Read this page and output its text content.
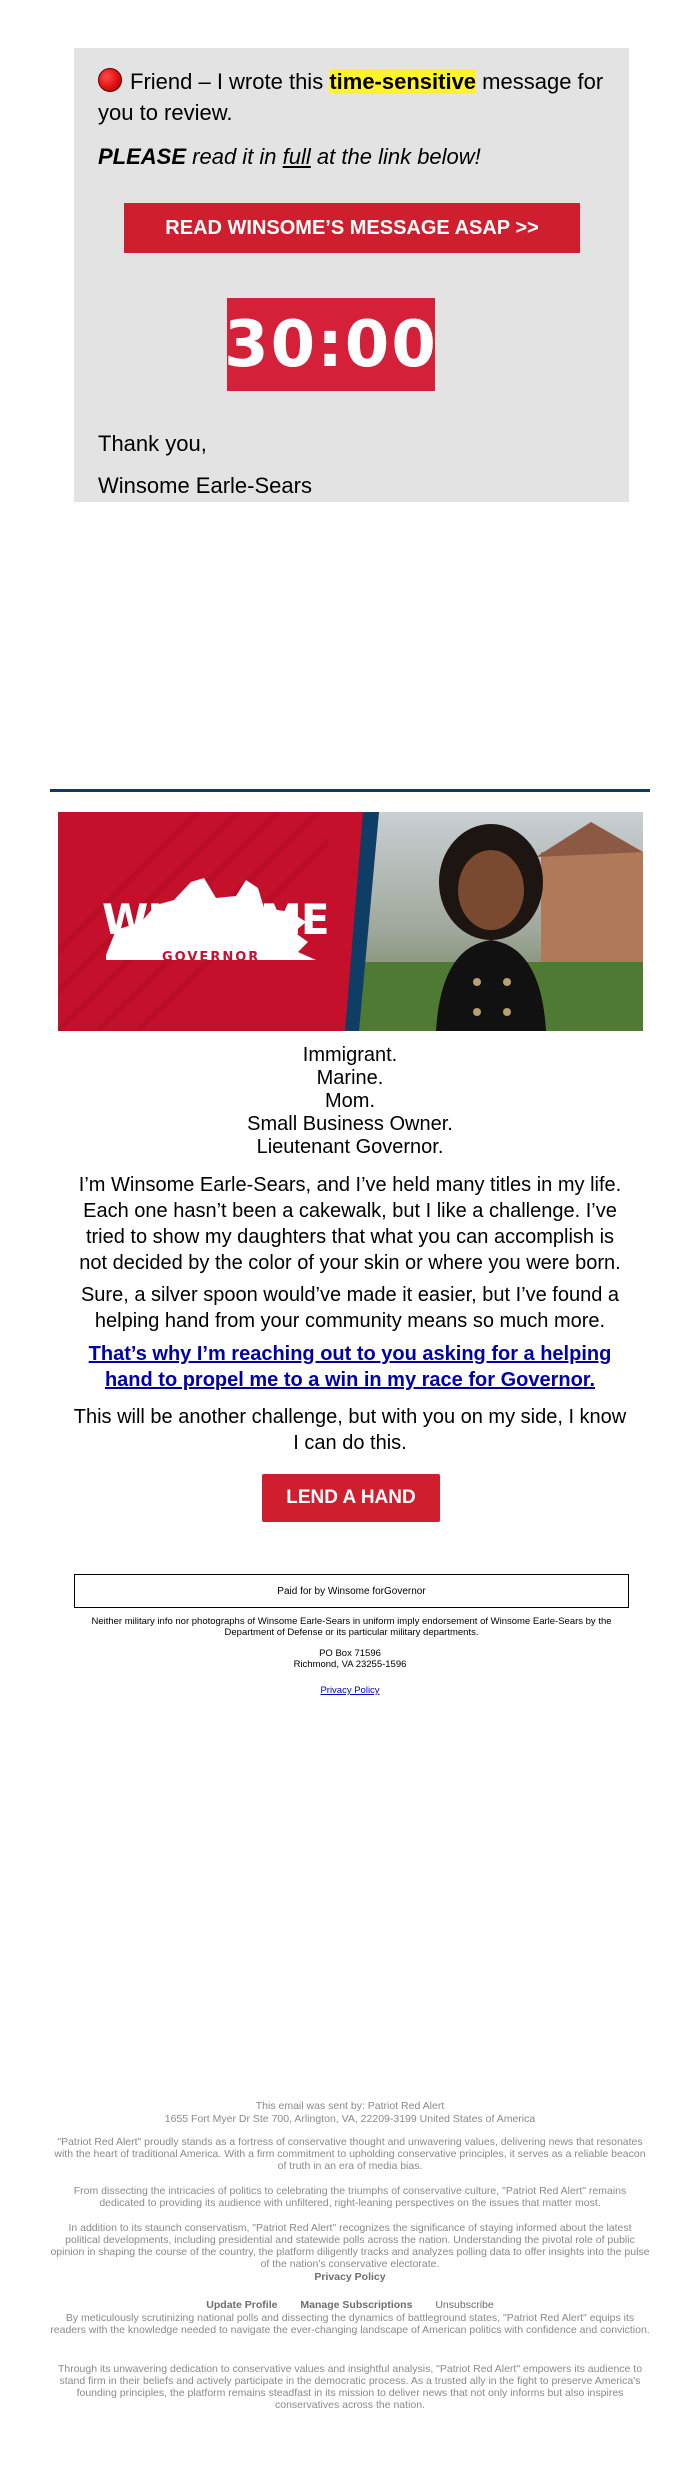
Friend – I wrote this time-sensitive message for you to review.
PLEASE read it in full at the link below!
READ WINSOME’S MESSAGE ASAP >>
30:00
Thank you,
Winsome Earle-Sears
WINSOME
GOVERNOR
Immigrant.
Marine.
Mom.
Small Business Owner.
Lieutenant Governor.
I’m Winsome Earle-Sears, and I’ve held many titles in my life. Each one hasn’t been a cakewalk, but I like a challenge. I’ve tried to show my daughters that what you can accomplish is not decided by the color of your skin or where you were born.
Sure, a silver spoon would’ve made it easier, but I’ve found a helping hand from your community means so much more.
That’s why I’m reaching out to you asking for a helping hand to propel me to a win in my race for Governor.
This will be another challenge, but with you on my side, I know I can do this.
LEND A HAND
Paid for by Winsome forGovernor
Neither military info nor photographs of Winsome Earle-Sears in uniform imply endorsement of Winsome Earle-Sears by the Department of Defense or its particular military departments.
PO Box 71596
Richmond, VA 23255-1596
Privacy Policy
This email was sent by: Patriot Red Alert
1655 Fort Myer Dr Ste 700, Arlington, VA, 22209-3199 United States of America
"Patriot Red Alert" proudly stands as a fortress of conservative thought and unwavering values, delivering news that resonates with the heart of traditional America. With a firm commitment to upholding conservative principles, it serves as a reliable beacon of truth in an era of media bias.
From dissecting the intricacies of politics to celebrating the triumphs of conservative culture, "Patriot Red Alert" remains dedicated to providing its audience with unfiltered, right-leaning perspectives on the issues that matter most.
In addition to its staunch conservatism, "Patriot Red Alert" recognizes the significance of staying informed about the latest political developments, including presidential and statewide polls across the nation. Understanding the pivotal role of public opinion in shaping the course of the country, the platform diligently tracks and analyzes polling data to offer insights into the pulse of the nation's conservative electorate.
Privacy Policy
Update Profile Manage Subscriptions Unsubscribe
By meticulously scrutinizing national polls and dissecting the dynamics of battleground states, "Patriot Red Alert" equips its readers with the knowledge needed to navigate the ever-changing landscape of American politics with confidence and conviction.
Through its unwavering dedication to conservative values and insightful analysis, "Patriot Red Alert" empowers its audience to stand firm in their beliefs and actively participate in the democratic process. As a trusted ally in the fight to preserve America's founding principles, the platform remains steadfast in its mission to deliver news that not only informs but also inspires conservatives across the nation.
